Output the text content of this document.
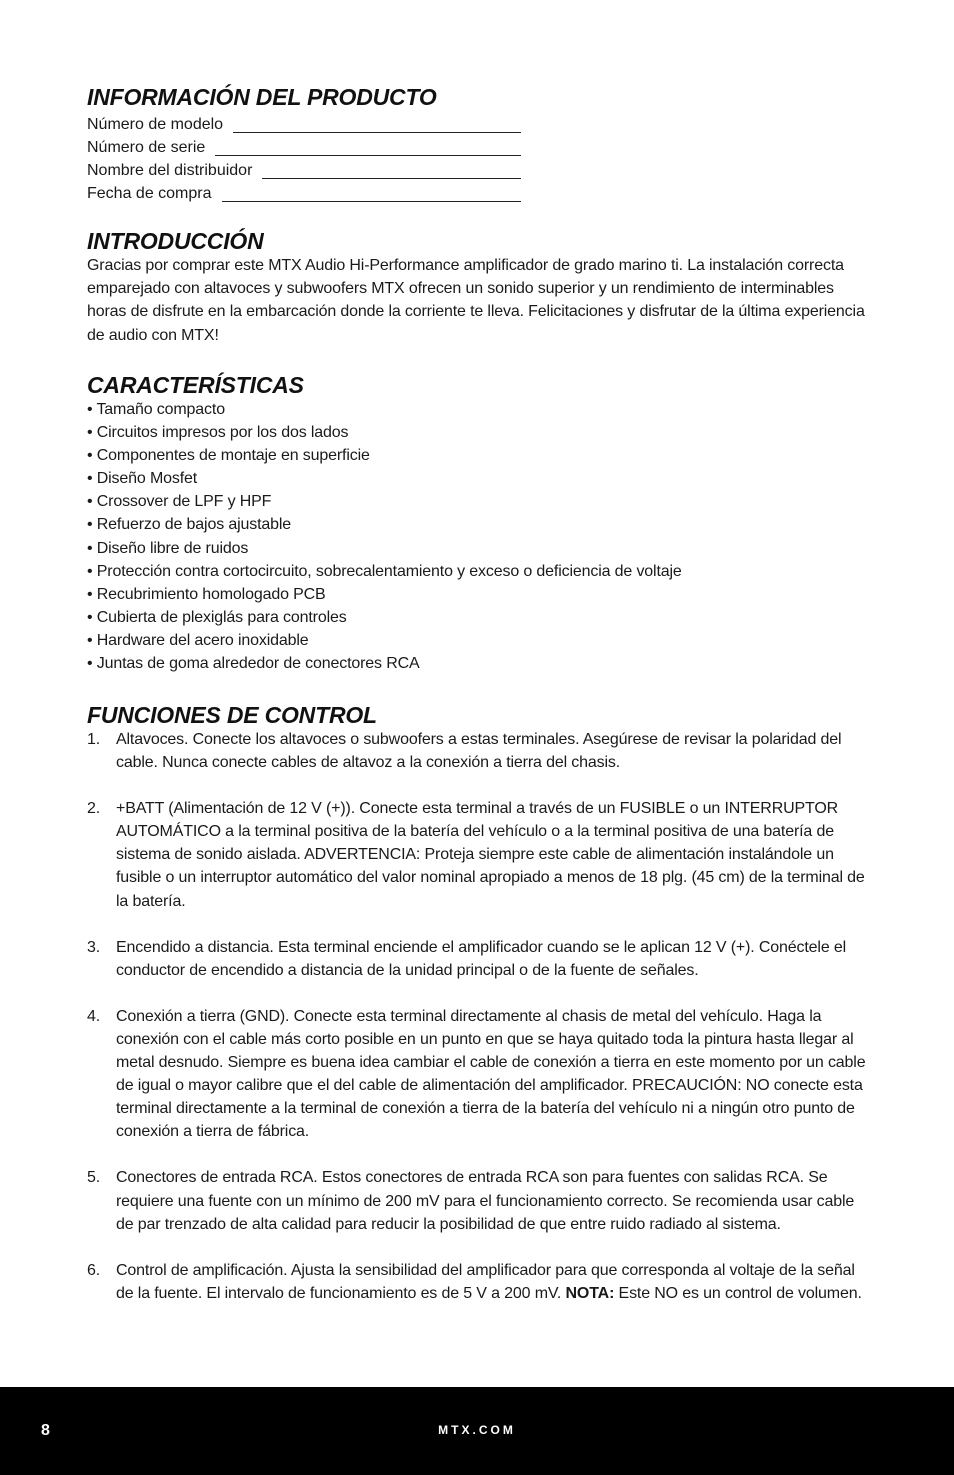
INFORMACIÓN DEL PRODUCTO
Número de modelo
Número de serie
Nombre del distribuidor
Fecha de compra
INTRODUCCIÓN

Gracias por comprar este MTX Audio Hi-Performance amplificador de grado marino ti. La instalación correcta emparejado con altavoces y subwoofers MTX ofrecen un sonido superior y un rendimiento de interminables horas de disfrute en la embarcación donde la corriente te lleva. Felicitaciones y disfrutar de la última experiencia de audio con MTX!

CARACTERÍSTICAS
• Tamaño compacto
• Circuitos impresos por los dos lados
• Componentes de montaje en superficie
• Diseño Mosfet
• Crossover de LPF y HPF
• Refuerzo de bajos ajustable
• Diseño libre de ruidos
• Protección contra cortocircuito, sobrecalentamiento y exceso o deficiencia de voltaje
• Recubrimiento homologado PCB
• Cubierta de plexiglás para controles
• Hardware del acero inoxidable
• Juntas de goma alrededor de conectores RCA
FUNCIONES DE CONTROL
1. Altavoces. Conecte los altavoces o subwoofers a estas terminales. Asegúrese de revisar la polaridad del cable. Nunca conecte cables de altavoz a la conexión a tierra del chasis.
2. +BATT (Alimentación de 12 V (+)). Conecte esta terminal a través de un FUSIBLE o un INTERRUPTOR AUTOMÁTICO a la terminal positiva de la batería del vehículo o a la terminal positiva de una batería de sistema de sonido aislada. ADVERTENCIA: Proteja siempre este cable de alimentación instalándole un fusible o un interruptor automático del valor nominal apropiado a menos de 18 plg. (45 cm) de la terminal de la batería.
3. Encendido a distancia. Esta terminal enciende el amplificador cuando se le aplican 12 V (+). Conéctele el conductor de encendido a distancia de la unidad principal o de la fuente de señales.
4. Conexión a tierra (GND). Conecte esta terminal directamente al chasis de metal del vehículo. Haga la conexión con el cable más corto posible en un punto en que se haya quitado toda la pintura hasta llegar al metal desnudo. Siempre es buena idea cambiar el cable de conexión a tierra en este momento por un cable de igual o mayor calibre que el del cable de alimentación del amplificador. PRECAUCIÓN: NO conecte esta terminal directamente a la terminal de conexión a tierra de la batería del vehículo ni a ningún otro punto de conexión a tierra de fábrica.
5. Conectores de entrada RCA. Estos conectores de entrada RCA son para fuentes con salidas RCA. Se requiere una fuente con un mínimo de 200 mV para el funcionamiento correcto. Se recomienda usar cable de par trenzado de alta calidad para reducir la posibilidad de que entre ruido radiado al sistema.
6. Control de amplificación. Ajusta la sensibilidad del amplificador para que corresponda al voltaje de la señal de la fuente. El intervalo de funcionamiento es de 5 V a 200 mV. NOTA: Este NO es un control de volumen.
8	MTX.COM
